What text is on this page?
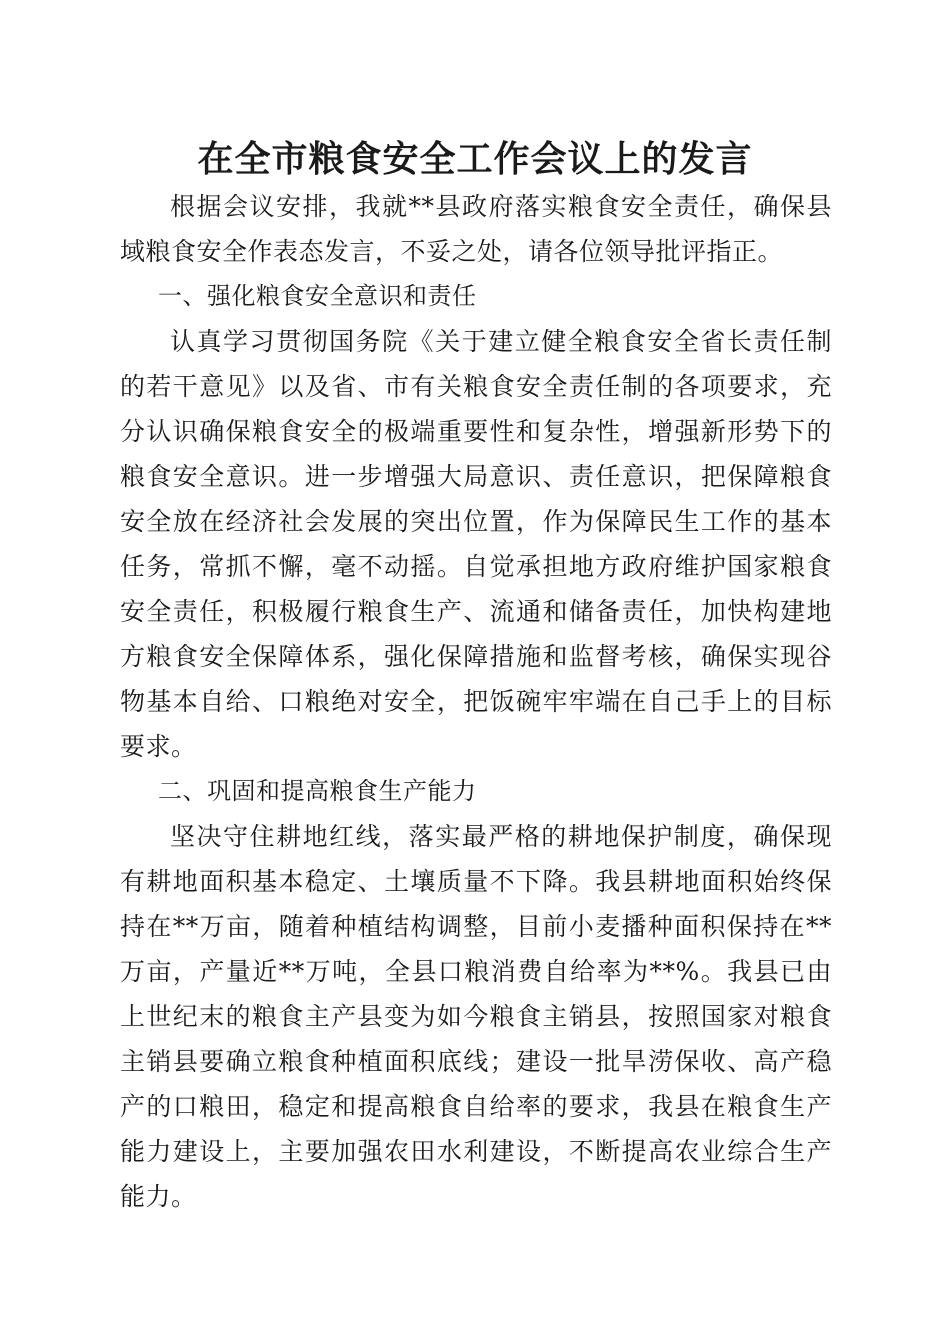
在全市粮食安全工作会议上的发言

根据会议安排，我就**县政府落实粮食安全责任，确保县域粮食安全作表态发言，不妥之处，请各位领导批评指正。

一、强化粮食安全意识和责任

认真学习贯彻国务院《关于建立健全粮食安全省长责任制的若干意见》以及省、市有关粮食安全责任制的各项要求，充分认识确保粮食安全的极端重要性和复杂性，增强新形势下的粮食安全意识。进一步增强大局意识、责任意识，把保障粮食安全放在经济社会发展的突出位置，作为保障民生工作的基本任务，常抓不懈，毫不动摇。自觉承担地方政府维护国家粮食安全责任，积极履行粮食生产、流通和储备责任，加快构建地方粮食安全保障体系，强化保障措施和监督考核，确保实现谷物基本自给、口粮绝对安全，把饭碗牢牢端在自己手上的目标要求。

二、巩固和提高粮食生产能力

坚决守住耕地红线，落实最严格的耕地保护制度，确保现有耕地面积基本稳定、土壤质量不下降。我县耕地面积始终保持在**万亩，随着种植结构调整，目前小麦播种面积保持在**万亩，产量近**万吨，全县口粮消费自给率为**%。我县已由上世纪末的粮食主产县变为如今粮食主销县，按照国家对粮食主销县要确立粮食种植面积底线；建设一批旱涝保收、高产稳产的口粮田，稳定和提高粮食自给率的要求，我县在粮食生产能力建设上，主要加强农田水利建设，不断提高农业综合生产能力。
